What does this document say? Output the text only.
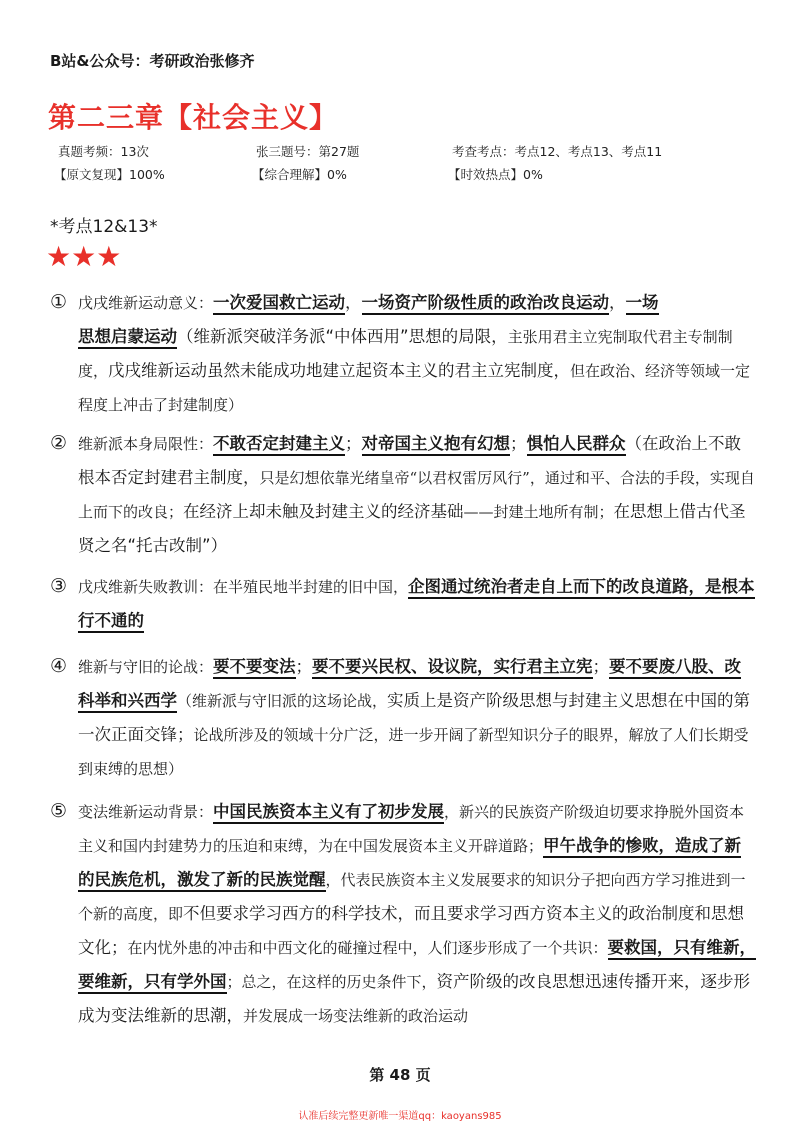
B站&公众号：考研政治张修齐
第二三章【社会主义】
真题考频：13次	张三题号：第27题	考查考点：考点12、考点13、考点11
【原文复现】100%	【综合理解】0%	【时效热点】0%
*考点12&13*
★★★
① 戊戌维新运动意义：一次爱国救亡运动，一场资产阶级性质的政治改良运动，一场
思想启蒙运动（维新派突破洋务派“中体西用”思想的局限，主张用君主立宪制取代君主专制制度，戊戌维新运动虽然未能成功地建立起资本主义的君主立宪制度，但在政治、经济等领域一定程度上冲击了封建制度）
② 维新派本身局限性：不敢否定封建主义；对帝国主义抱有幻想；惧怕人民群众（在政治上不敢根本否定封建君主制度，只是幻想依靠光绪皇帝“以君权雷厉风行”，通过和平、合法的手段，实现自上而下的改良；在经济上却未触及封建主义的经济基础——封建土地所有制；在思想上借古代圣贤之名“托古改制”）
③ 戊戌维新失败教训：在半殖民地半封建的旧中国，企图通过统治者走自上而下的改良道路，是根本行不通的
④ 维新与守旧的论战：要不要变法；要不要兴民权、设议院，实行君主立宪；要不要废八股、改科举和兴西学（维新派与守旧派的这场论战，实质上是资产阶级思想与封建主义思想在中国的第一次正面交锋；论战所涉及的领域十分广泛，进一步开阔了新型知识分子的眼界，解放了人们长期受到束缚的思想）
⑤ 变法维新运动背景：中国民族资本主义有了初步发展，新兴的民族资产阶级迫切要求挣脱外国资本主义和国内封建势力的压迫和束缚，为在中国发展资本主义开辟道路；甲午战争的惨败，造成了新的民族危机，激发了新的民族觉醒，代表民族资本主义发展要求的知识分子把向西方学习推进到一个新的高度，即不但要求学习西方的科学技术，而且要求学习西方资本主义的政治制度和思想文化；在内忧外患的冲击和中西文化的碰撞过程中，人们逐步形成了一个共识：要救国，只有维新，要维新，只有学外国；总之，在这样的历史条件下，资产阶级的改良思想迅速传播开来，逐步形成为变法维新的思潮，并发展成一场变法维新的政治运动
第 48 页
认准后续完整更新唯一渠道qq：kaoyans985
